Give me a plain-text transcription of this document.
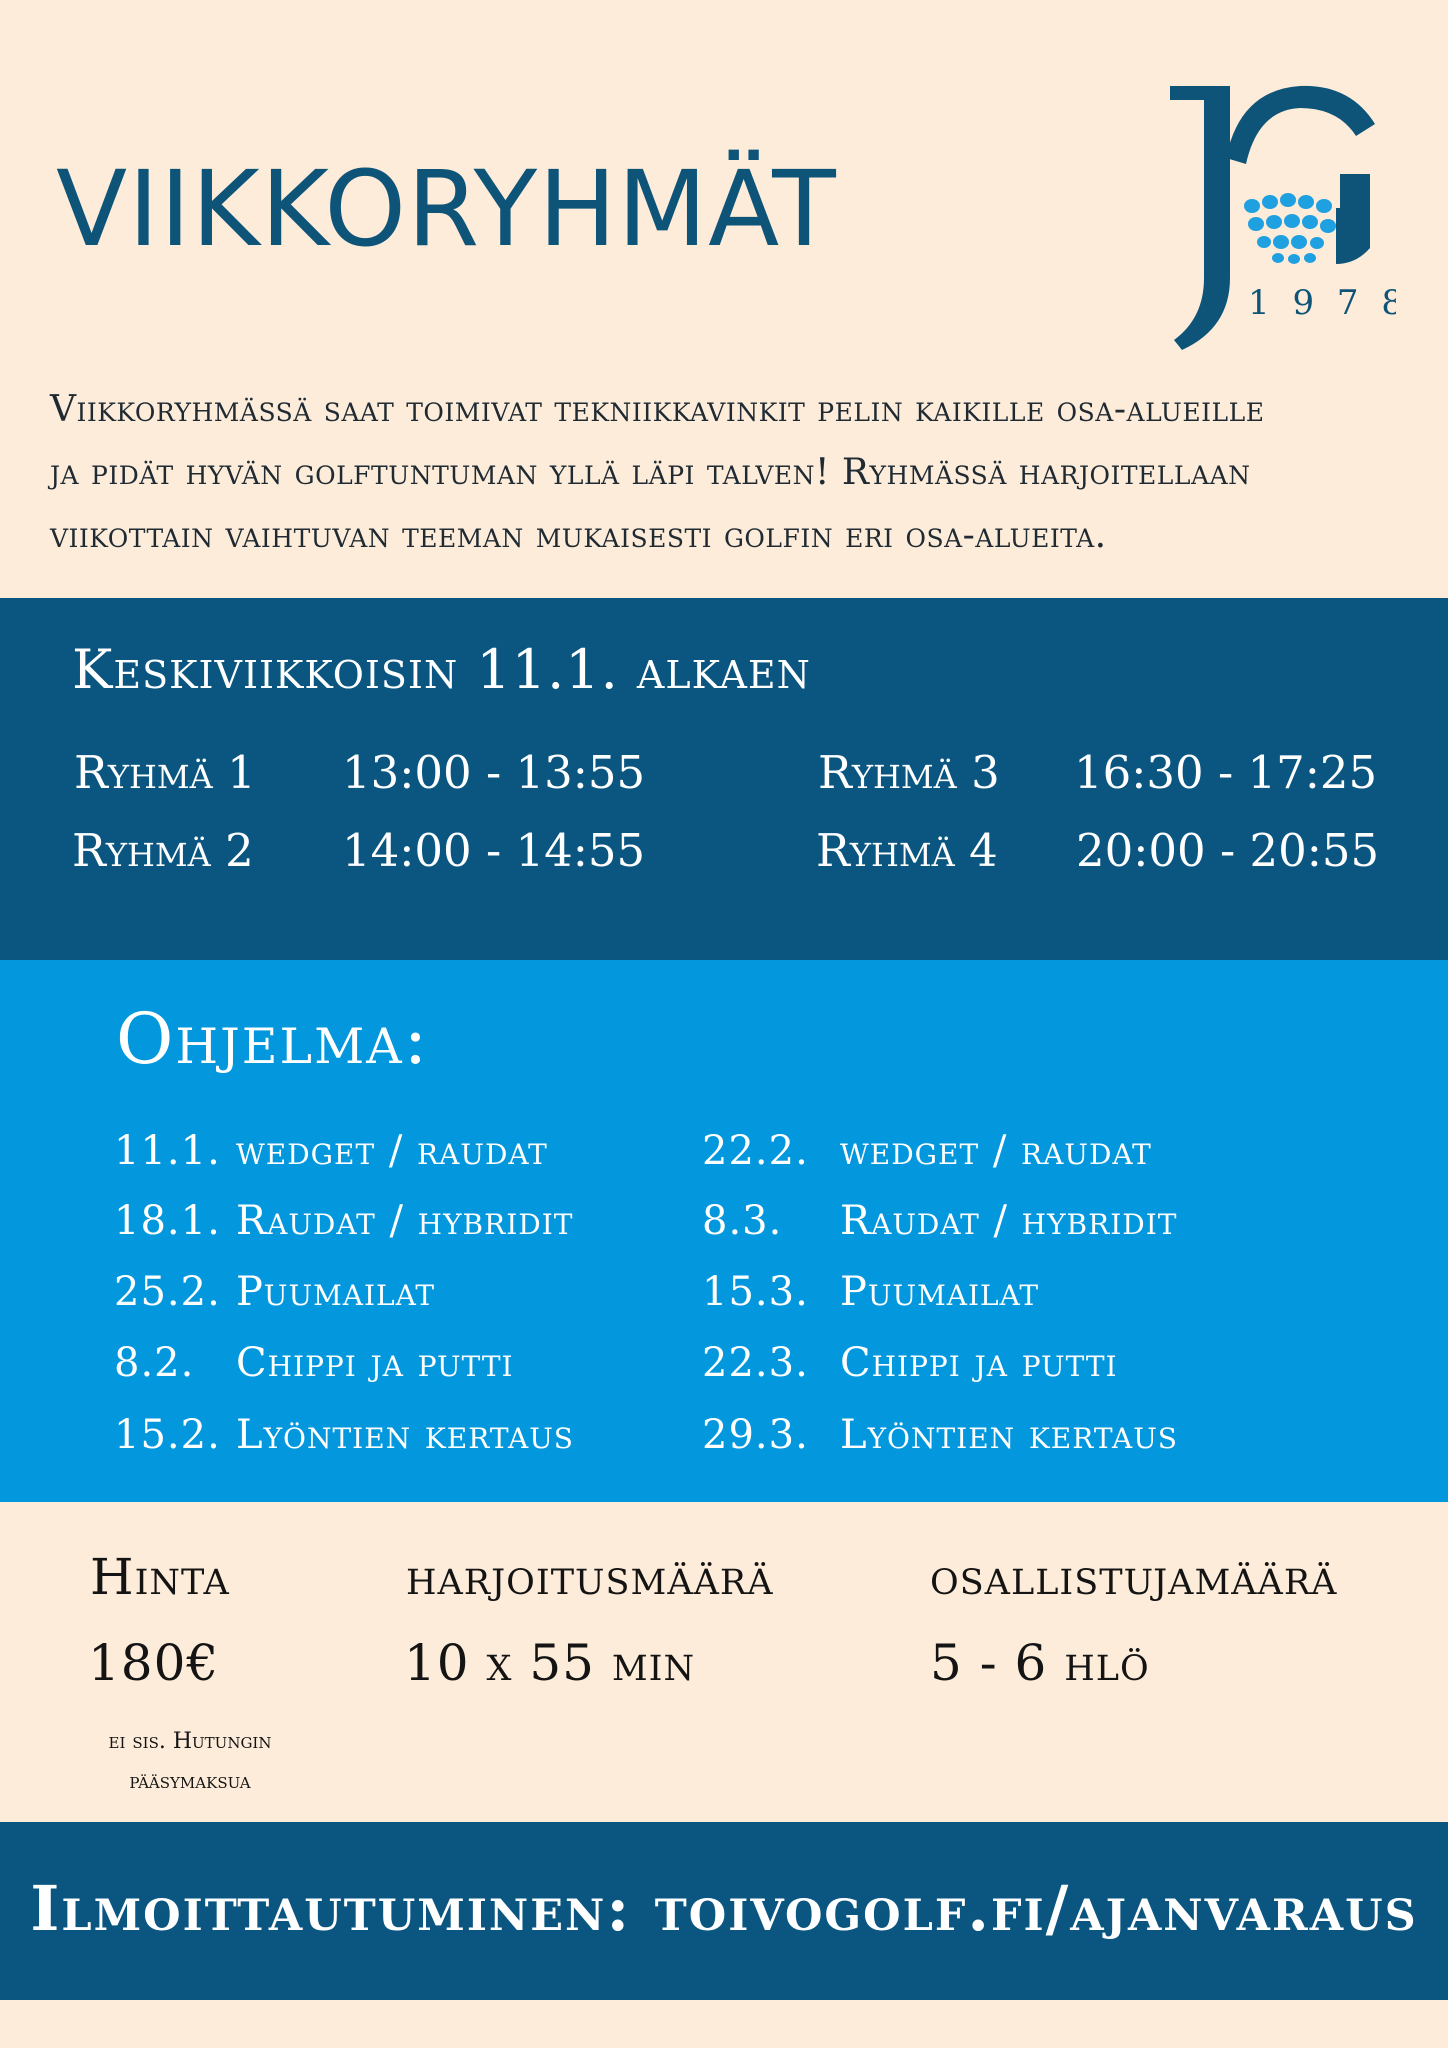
VIIKKORYHMÄT
1 9 7 8
Viikkoryhmässä saat toimivat tekniikkavinkit pelin kaikille osa-alueille
ja pidät hyvän golftuntuman yllä läpi talven! Ryhmässä harjoitellaan
viikottain vaihtuvan teeman mukaisesti golfin eri osa-alueita.
Keskiviikkoisin 11.1. alkaen
Ryhmä 1 13:00 - 13:55
Ryhmä 2 14:00 - 14:55
Ryhmä 3 16:30 - 17:25
Ryhmä 4 20:00 - 20:55
Ohjelma:
11.1. wedget / raudat
18.1. Raudat / hybridit
25.2. Puumailat
8.2. Chippi ja putti
15.2. Lyöntien kertaus
22.2. wedget / raudat
8.3. Raudat / hybridit
15.3. Puumailat
22.3. Chippi ja putti
29.3. Lyöntien kertaus
Hinta
180€
ei sis. Hutungin
pääsymaksua
harjoitusmäärä
10 x 55 min
osallistujamäärä
5 - 6 hlö
Ilmoittautuminen: toivogolf.fi/ajanvaraus
